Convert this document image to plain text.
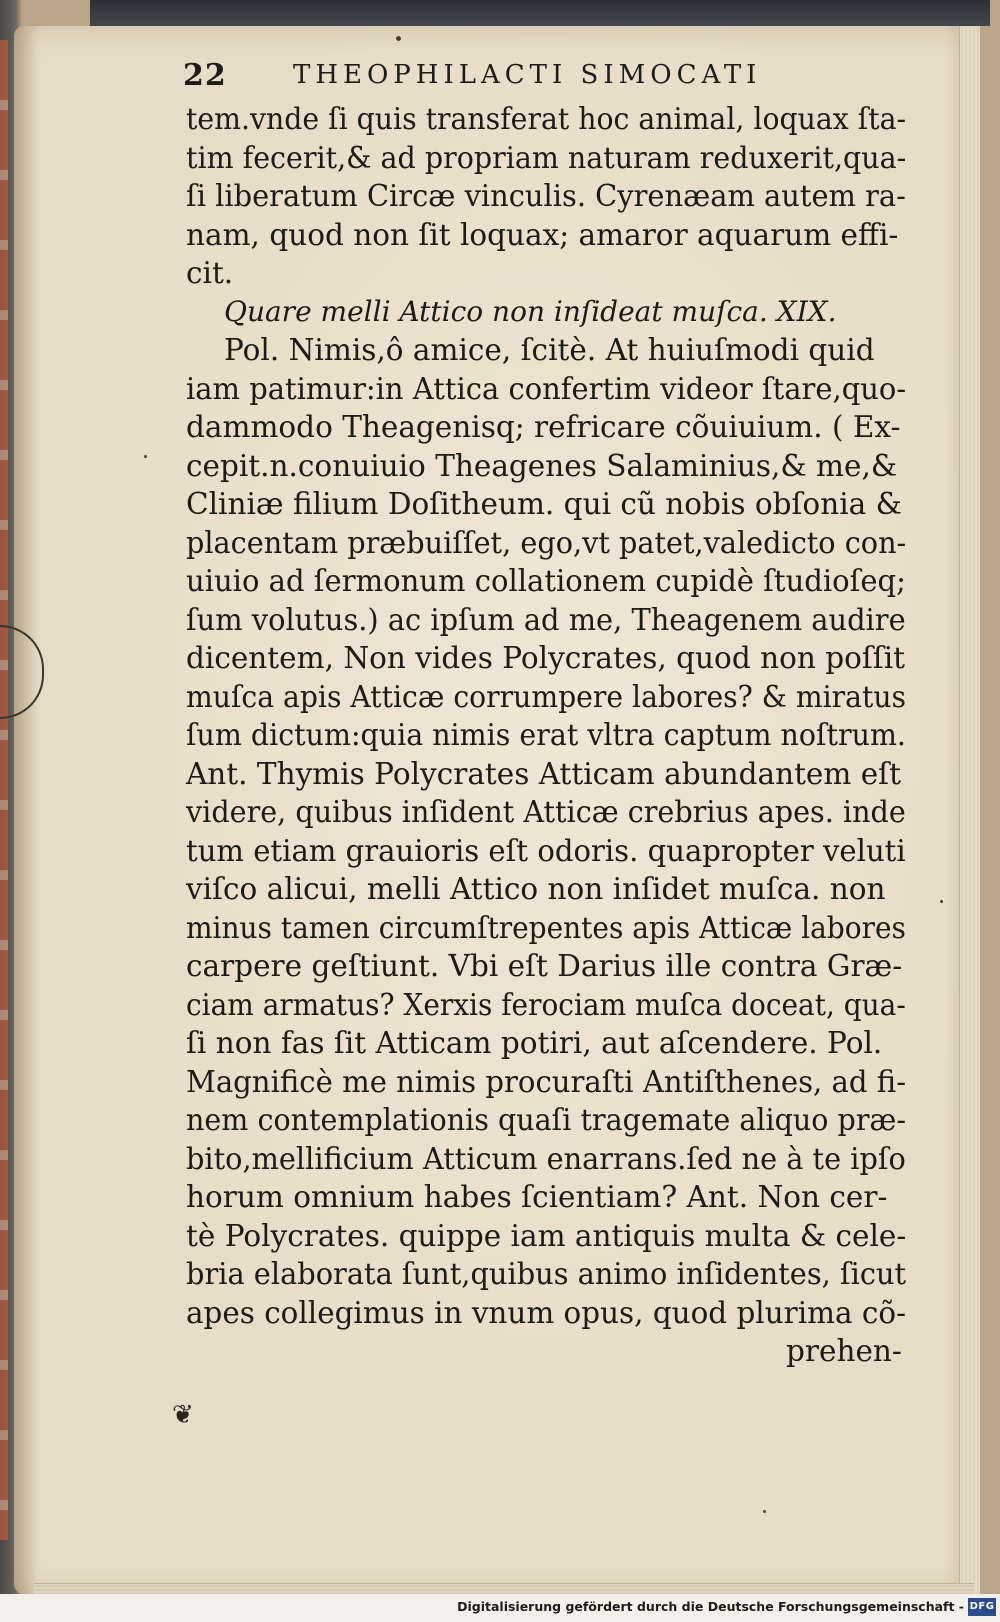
22	THEOPHILACTI SIMOCATI
tem.vnde ſi quis transferat hoc animal, loquax ſta-
tim fecerit,& ad propriam naturam reduxerit,qua-
ſi liberatum Circæ vinculis. Cyrenæam autem ra-
nam, quod non ſit loquax; amaror aquarum effi-
cit.
Quare melli Attico non inſideat muſca. XIX.
Pol. Nimis,ô amice, ſcitè. At huiuſmodi quid
iam patimur:in Attica confertim videor ſtare,quo-
dammodo Theagenisq; refricare cõuiuium. ( Ex-
cepit.n.conuiuio Theagenes Salaminius,& me,&
Cliniæ filium Doſitheum. qui cũ nobis obſonia &
placentam præbuiſſet, ego,vt patet,valedicto con-
uiuio ad ſermonum collationem cupidè ſtudioſeq;
ſum volutus.) ac ipſum ad me, Theagenem audire
dicentem, Non vides Polycrates, quod non poſſit
muſca apis Atticæ corrumpere labores? & miratus
ſum dictum:quia nimis erat vltra captum noſtrum.
Ant. Thymis Polycrates Atticam abundantem eſt
videre, quibus inſident Atticæ crebrius apes. inde
tum etiam grauioris eſt odoris. quapropter veluti
viſco alicui, melli Attico non inſidet muſca. non
minus tamen circumſtrepentes apis Atticæ labores
carpere geſtiunt. Vbi eſt Darius ille contra Græ-
ciam armatus? Xerxis ferociam muſca doceat, qua-
ſi non fas ſit Atticam potiri, aut aſcendere. Pol.
Magnificè me nimis procuraſti Antiſthenes, ad fi-
nem contemplationis quaſi tragemate aliquo præ-
bito,mellificium Atticum enarrans.ſed ne à te ipſo
horum omnium habes ſcientiam? Ant. Non cer-
tè Polycrates. quippe iam antiquis multa & cele-
bria elaborata ſunt,quibus animo inſidentes, ſicut
apes collegimus in vnum opus, quod plurima cõ-
prehen-
❦
Digitalisierung gefördert durch die Deutsche Forschungsgemeinschaft - DFG
